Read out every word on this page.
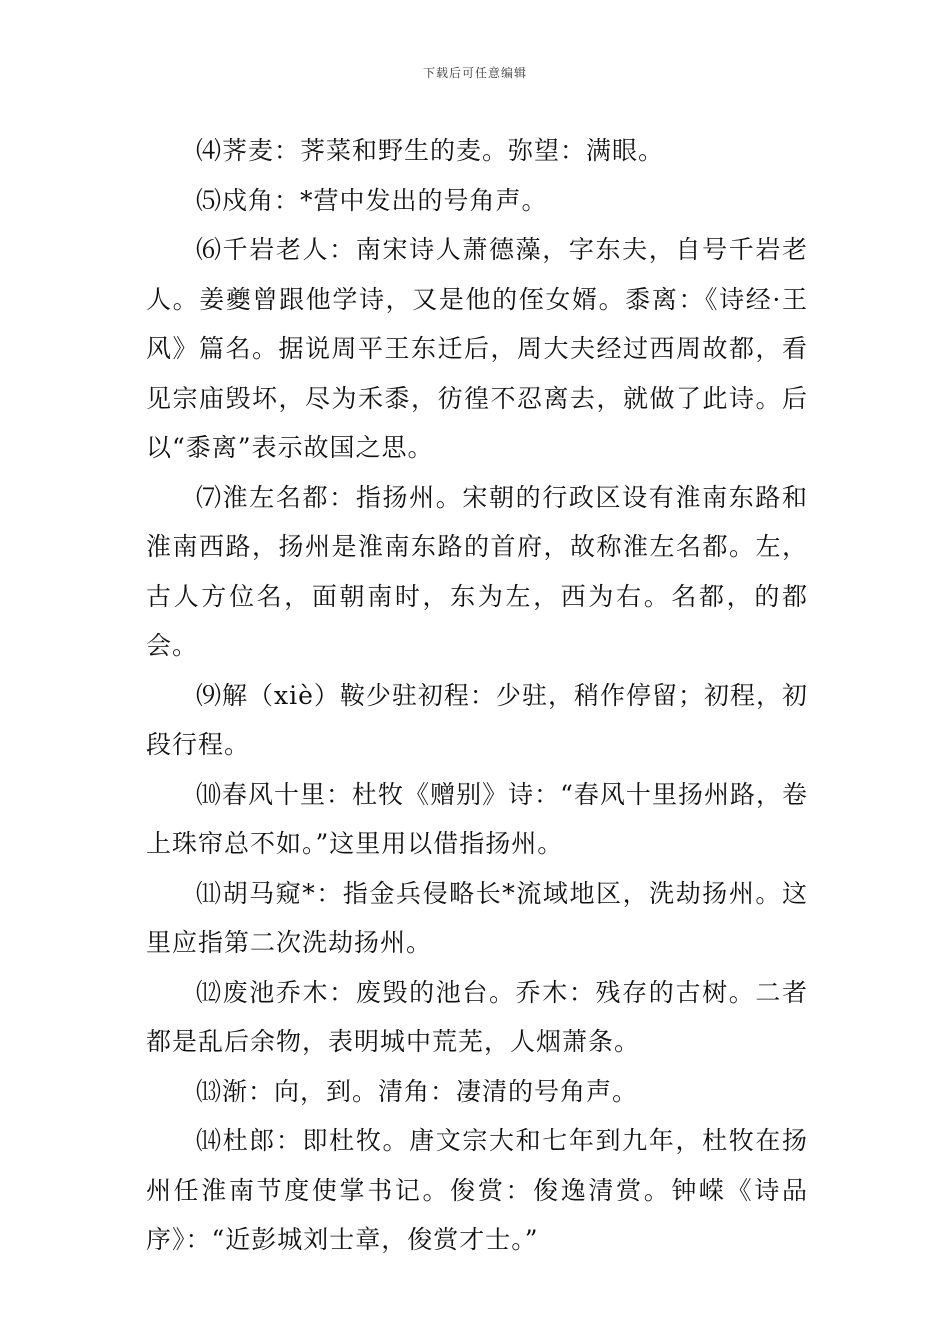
下载后可任意编辑

⑷荠麦：荠菜和野生的麦。弥望：满眼。

⑸戍角：*营中发出的号角声。

⑹千岩老人：南宋诗人萧德藻，字东夫，自号千岩老人。姜夔曾跟他学诗，又是他的侄女婿。黍离：《诗经·王风》篇名。据说周平王东迁后，周大夫经过西周故都，看见宗庙毁坏，尽为禾黍，彷徨不忍离去，就做了此诗。后以“黍离”表示故国之思。

⑺淮左名都：指扬州。宋朝的行政区设有淮南东路和淮南西路，扬州是淮南东路的首府，故称淮左名都。左，古人方位名，面朝南时，东为左，西为右。名都，的都会。

⑼解（xiè）鞍少驻初程：少驻，稍作停留；初程，初段行程。

⑽春风十里：杜牧《赠别》诗：“春风十里扬州路，卷上珠帘总不如。”这里用以借指扬州。

⑾胡马窥*：指金兵侵略长*流域地区，洗劫扬州。这里应指第二次洗劫扬州。

⑿废池乔木：废毁的池台。乔木：残存的古树。二者都是乱后余物，表明城中荒芜，人烟萧条。

⒀渐：向，到。清角：凄清的号角声。

⒁杜郎：即杜牧。唐文宗大和七年到九年，杜牧在扬州任淮南节度使掌书记。俊赏：俊逸清赏。钟嵘《诗品序》：“近彭城刘士章，俊赏才士。”
